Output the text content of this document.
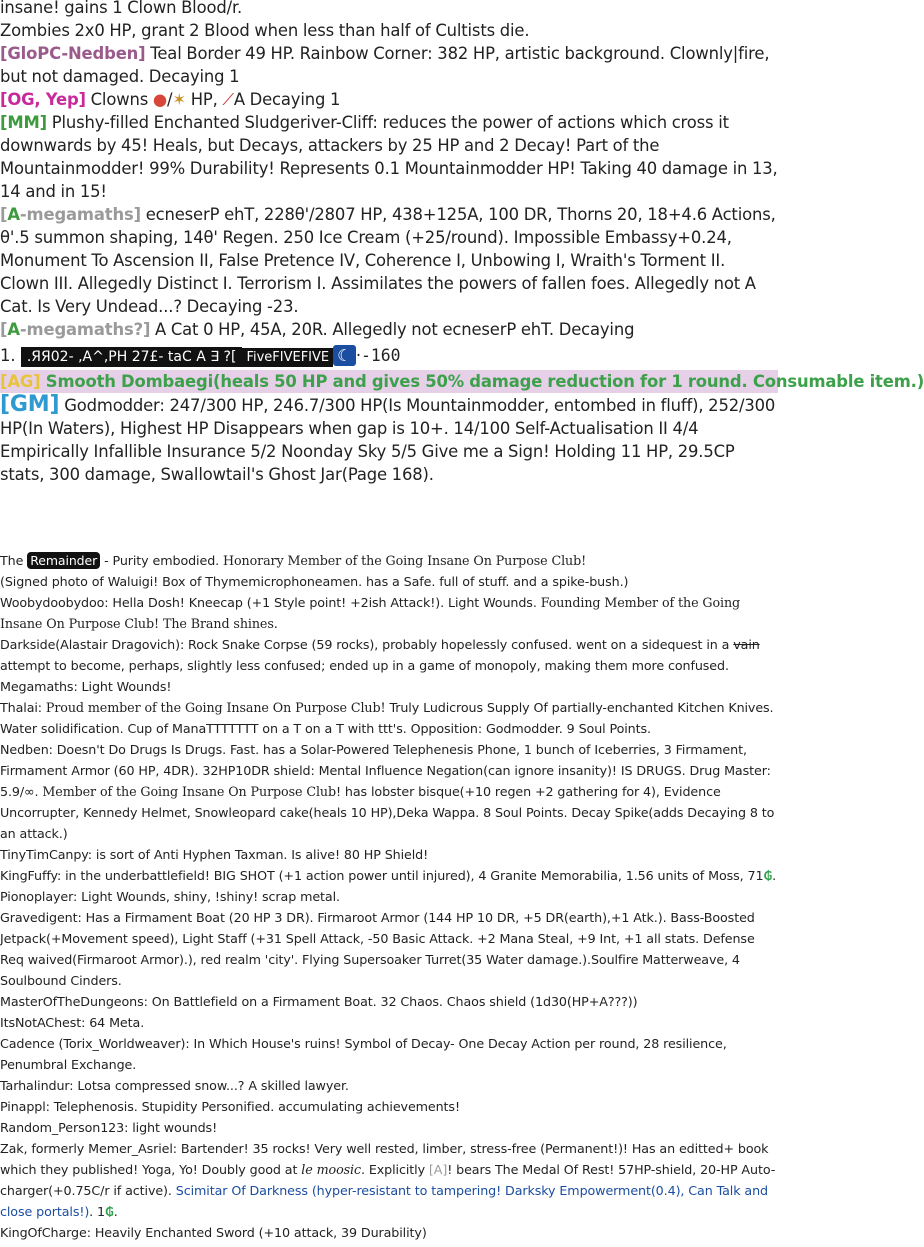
insane! gains 1 Clown Blood/r.

Zombies 2x0 HP, grant 2 Blood when less than half of Cultists die.

[GloPC-Nedben] Teal Border 49 HP. Rainbow Corner: 382 HP, artistic background. Clownly|fire, but not damaged. Decaying 1

[OG, Yep] Clowns ●/✶ HP, ⟋A Decaying 1

[MM] Plushy-filled Enchanted Sludgeriver-Cliff: reduces the power of actions which cross it downwards by 45! Heals, but Decays, attackers by 25 HP and 2 Decay! Part of the Mountainmodder! 99% Durability! Represents 0.1 Mountainmodder HP! Taking 40 damage in 13, 14 and in 15!

[A-megamaths] ecneserP ehT, 228θ'/2807 HP, 438+125A, 100 DR, Thorns 20, 18+4.6 Actions, θ'.5 summon shaping, 14θ' Regen. 250 Ice Cream (+25/round). Impossible Embassy+0.24, Monument To Ascension II, False Pretence IV, Coherence I, Unbowing I, Wraith's Torment II. Clown III. Allegedly Distinct I. Terrorism I. Assimilates the powers of fallen foes. Allegedly not A Cat. Is Very Undead...? Decaying -23.

[A-megamaths?] A Cat 0 HP, 45A, 20R. Allegedly not ecneserP ehT. Decaying

1. .ЯЯ02- ,A^,PH 27£- taC A ∃ ?[ FiveFIVEFIVE ☾ ·-160

[AG] Smooth Dombaegi(heals 50 HP and gives 50% damage reduction for 1 round. Consumable item.)

[GM] Godmodder: 247/300 HP, 246.7/300 HP(Is Mountainmodder, entombed in fluff), 252/300 HP(In Waters), Highest HP Disappears when gap is 10+. 14/100 Self-Actualisation II 4/4 Empirically Infallible Insurance 5/2 Noonday Sky 5/5 Give me a Sign! Holding 11 HP, 29.5CP stats, 300 damage, Swallowtail's Ghost Jar(Page 168).

The Remainder - Purity embodied. Honorary Member of the Going Insane On Purpose Club!

(Signed photo of Waluigi! Box of Thymemicrophoneamen. has a Safe. full of stuff. and a spike-bush.)

Woobydoobydoo: Hella Dosh! Kneecap (+1 Style point! +2ish Attack!). Light Wounds. Founding Member of the Going Insane On Purpose Club! The Brand shines.

Darkside(Alastair Dragovich): Rock Snake Corpse (59 rocks), probably hopelessly confused. went on a sidequest in a vain attempt to become, perhaps, slightly less confused; ended up in a game of monopoly, making them more confused.

Megamaths: Light Wounds!

Thalai: Proud member of the Going Insane On Purpose Club! Truly Ludicrous Supply Of partially-enchanted Kitchen Knives. Water solidification. Cup of ManaTTTTTTT on a T on a T with ttt's. Opposition: Godmodder. 9 Soul Points.

Nedben: Doesn't Do Drugs Is Drugs. Fast. has a Solar-Powered Telephenesis Phone, 1 bunch of Iceberries, 3 Firmament, Firmament Armor (60 HP, 4DR). 32HP10DR shield: Mental Influence Negation(can ignore insanity)! IS DRUGS. Drug Master: 5.9/∞. Member of the Going Insane On Purpose Club! has lobster bisque(+10 regen +2 gathering for 4), Evidence Uncorrupter, Kennedy Helmet, Snowleopard cake(heals 10 HP),Deka Wappa. 8 Soul Points. Decay Spike(adds Decaying 8 to an attack.)

TinyTimCanpy: is sort of Anti Hyphen Taxman. Is alive! 80 HP Shield!

KingFuffy: in the underbattlefield! BIG SHOT (+1 action power until injured), 4 Granite Memorabilia, 1.56 units of Moss, 71₲.

Pionoplayer: Light Wounds, shiny, !shiny! scrap metal.

Gravedigent: Has a Firmament Boat (20 HP 3 DR). Firmaroot Armor (144 HP 10 DR, +5 DR(earth),+1 Atk.). Bass-Boosted Jetpack(+Movement speed), Light Staff (+31 Spell Attack, -50 Basic Attack. +2 Mana Steal, +9 Int, +1 all stats. Defense Req waived(Firmaroot Armor).), red realm 'city'. Flying Supersoaker Turret(35 Water damage.).Soulfire Matterweave, 4 Soulbound Cinders.

MasterOfTheDungeons: On Battlefield on a Firmament Boat. 32 Chaos. Chaos shield (1d30(HP+A???))

ItsNotAChest: 64 Meta.

Cadence (Torix_Worldweaver): In Which House's ruins! Symbol of Decay- One Decay Action per round, 28 resilience, Penumbral Exchange.

Tarhalindur: Lotsa compressed snow...? A skilled lawyer.

Pinappl: Telephenosis. Stupidity Personified. accumulating achievements!

Random_Person123: light wounds!

Zak, formerly Memer_Asriel: Bartender! 35 rocks! Very well rested, limber, stress-free (Permanent!)! Has an editted+ book which they published! Yoga, Yo! Doubly good at le moosic. Explicitly [A]! bears The Medal Of Rest! 57HP-shield, 20-HP Auto-charger(+0.75C/r if active). Scimitar Of Darkness (hyper-resistant to tampering! Darksky Empowerment(0.4), Can Talk and close portals!). 1₲.

KingOfCharge: Heavily Enchanted Sword (+10 attack, 39 Durability)
